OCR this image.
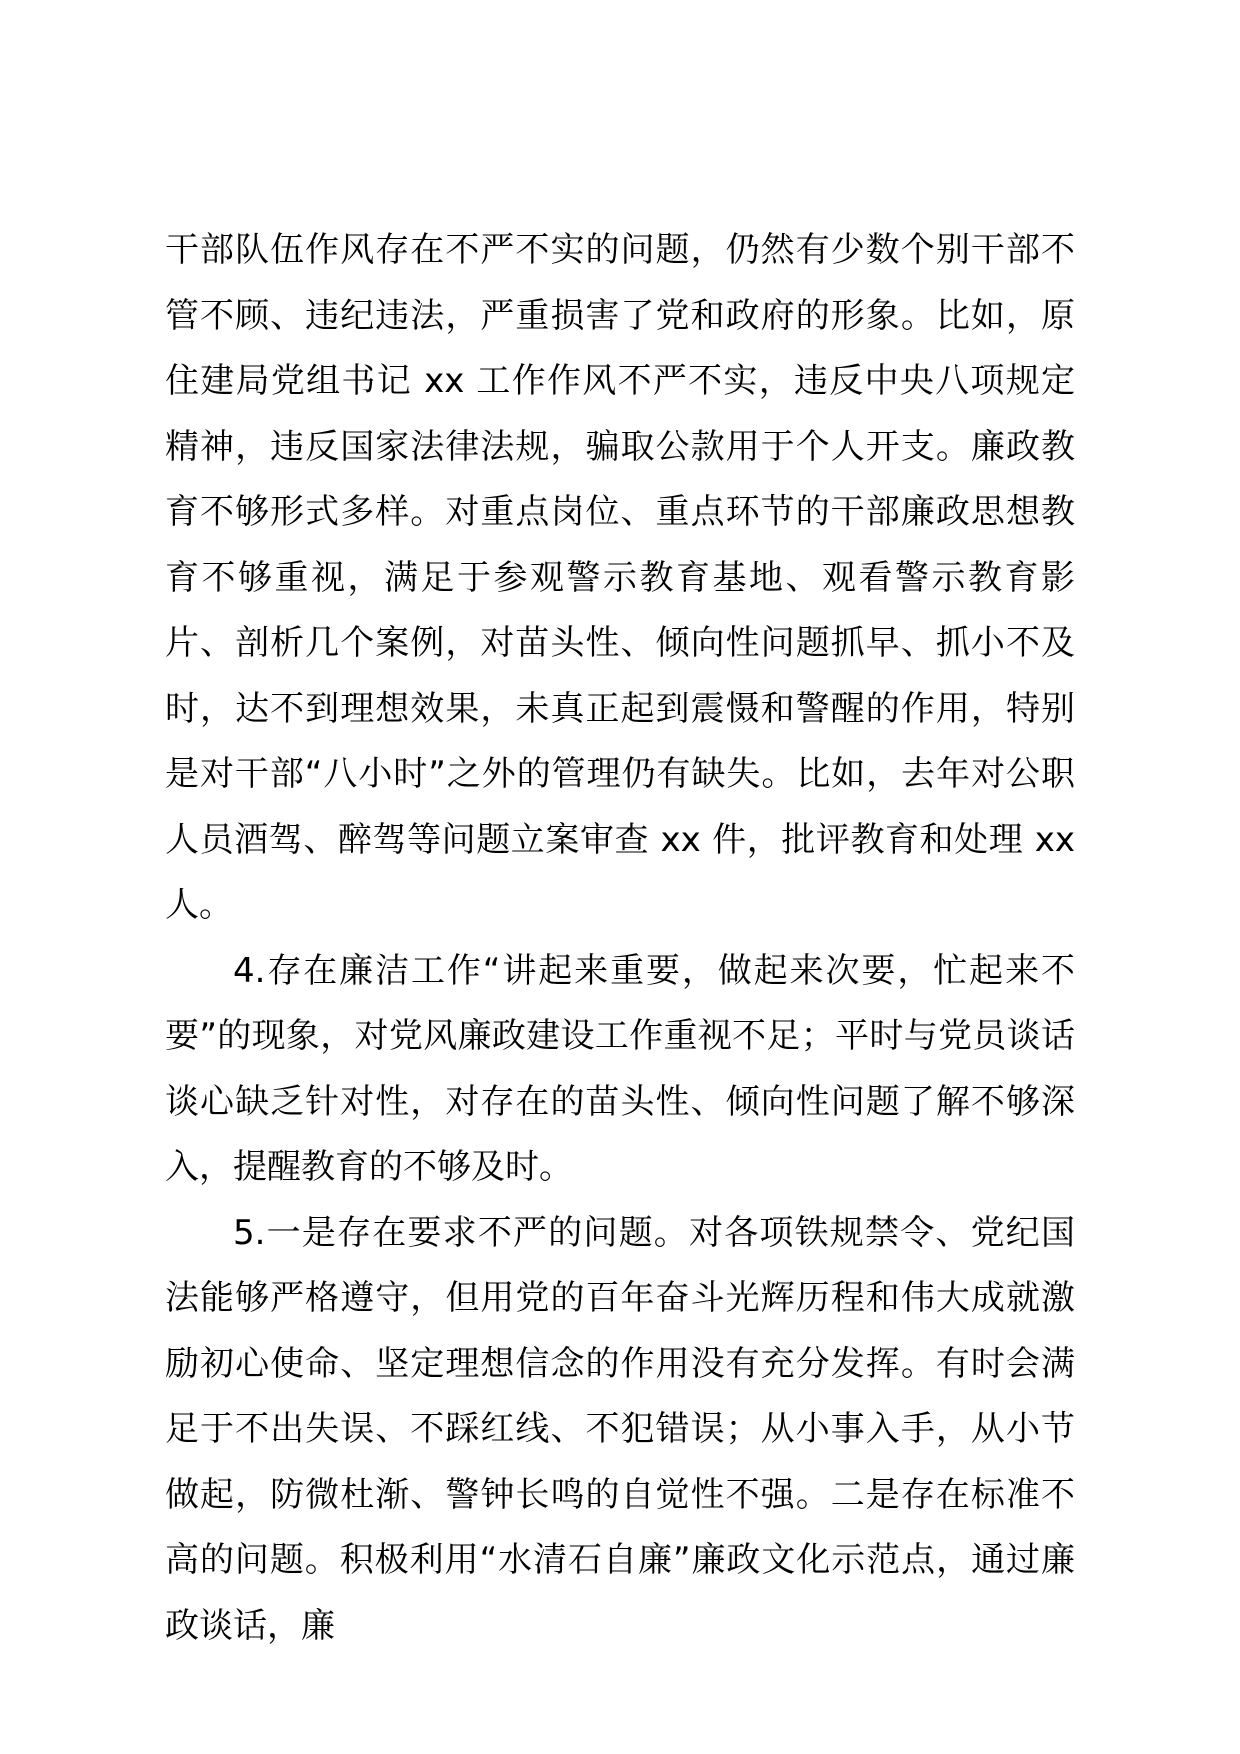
干部队伍作风存在不严不实的问题，仍然有少数个别干部不管不顾、违纪违法，严重损害了党和政府的形象。比如，原住建局党组书记 xx 工作作风不严不实，违反中央八项规定精神，违反国家法律法规，骗取公款用于个人开支。廉政教育不够形式多样。对重点岗位、重点环节的干部廉政思想教育不够重视，满足于参观警示教育基地、观看警示教育影片、剖析几个案例，对苗头性、倾向性问题抓早、抓小不及时，达不到理想效果，未真正起到震慑和警醒的作用，特别是对干部“八小时”之外的管理仍有缺失。比如，去年对公职人员酒驾、醉驾等问题立案审查 xx 件，批评教育和处理 xx 人。

4.存在廉洁工作“讲起来重要，做起来次要，忙起来不要”的现象，对党风廉政建设工作重视不足；平时与党员谈话谈心缺乏针对性，对存在的苗头性、倾向性问题了解不够深入，提醒教育的不够及时。

5.一是存在要求不严的问题。对各项铁规禁令、党纪国法能够严格遵守，但用党的百年奋斗光辉历程和伟大成就激励初心使命、坚定理想信念的作用没有充分发挥。有时会满足于不出失误、不踩红线、不犯错误；从小事入手，从小节做起，防微杜渐、警钟长鸣的自觉性不强。二是存在标准不高的问题。积极利用“水清石自廉”廉政文化示范点，通过廉政谈话，廉
